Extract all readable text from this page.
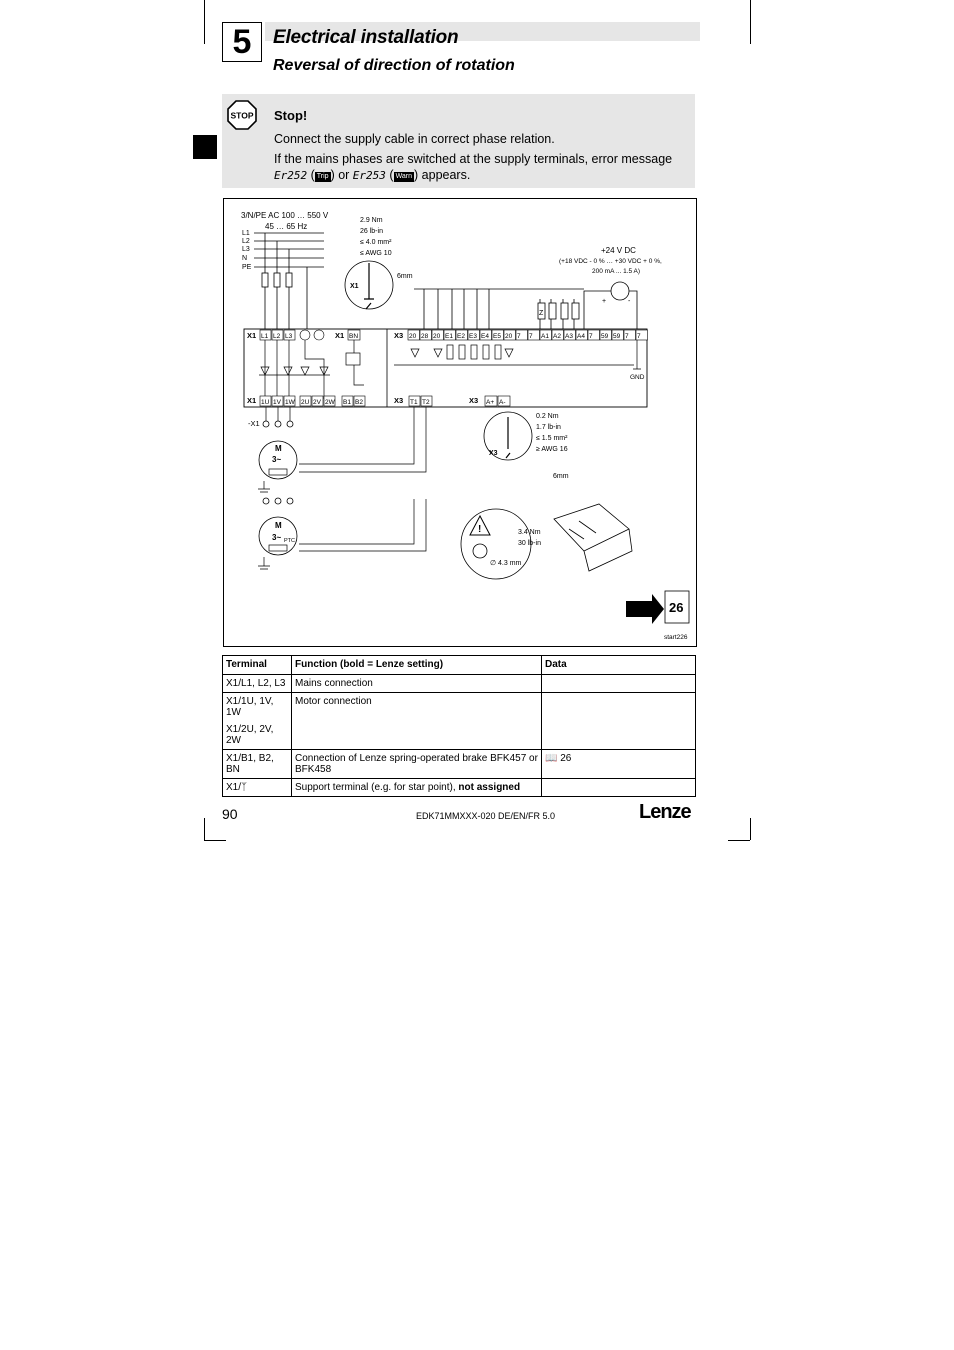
5	Electrical installation
Reversal of direction of rotation
STOP Stop!
Connect the supply cable in correct phase relation.
If the mains phases are switched at the supply terminals, error message
Er252 ( Trip ) or Er253 ( Warn ) appears.
3/N/PE AC 100 … 550 V
45 … 65 Hz
L1
L2
L3
N
PE
2.9 Nm
26 lb-in
≤ 4.0 mm²
≤ AWG 10
6mm
X1
+24 V DC
(+18 VDC - 0 % … +30 VDC + 0 %,
200 mA ... 1.5 A)
+	-
Z
X1	X1	X3
X1	X3	X3
L1 L2 L3	BN	20 28 20 E1 E2 E3 E4 E5 20 7 7 A1 A2 A3 A4 7 59 59 7 7
GND
1U 1V 1W 2U 2V 2W B1 B2	T1 T2	A+ A-
-X1
M
3~
M
3~ PTC
X3
0.2 Nm
1.7 lb-in
≤ 1.5 mm²
≥ AWG 16
6mm
!	3.4 Nm
30 lb-in
∅ 4.3 mm
26
start226
Terminal	Function (bold = Lenze setting)	Data
X1/L1, L2, L3	Mains connection	
X1/1U, 1V, 1W	Motor connection	
X1/2U, 2V, 2W		
X1/B1, B2, BN	Connection of Lenze spring-operated brake BFK457 or BFK458	📖 26
X1/ᛉ	Support terminal (e.g. for star point), not assigned	
90	EDK71MMXXX-020 DE/EN/FR 5.0	Lenze
